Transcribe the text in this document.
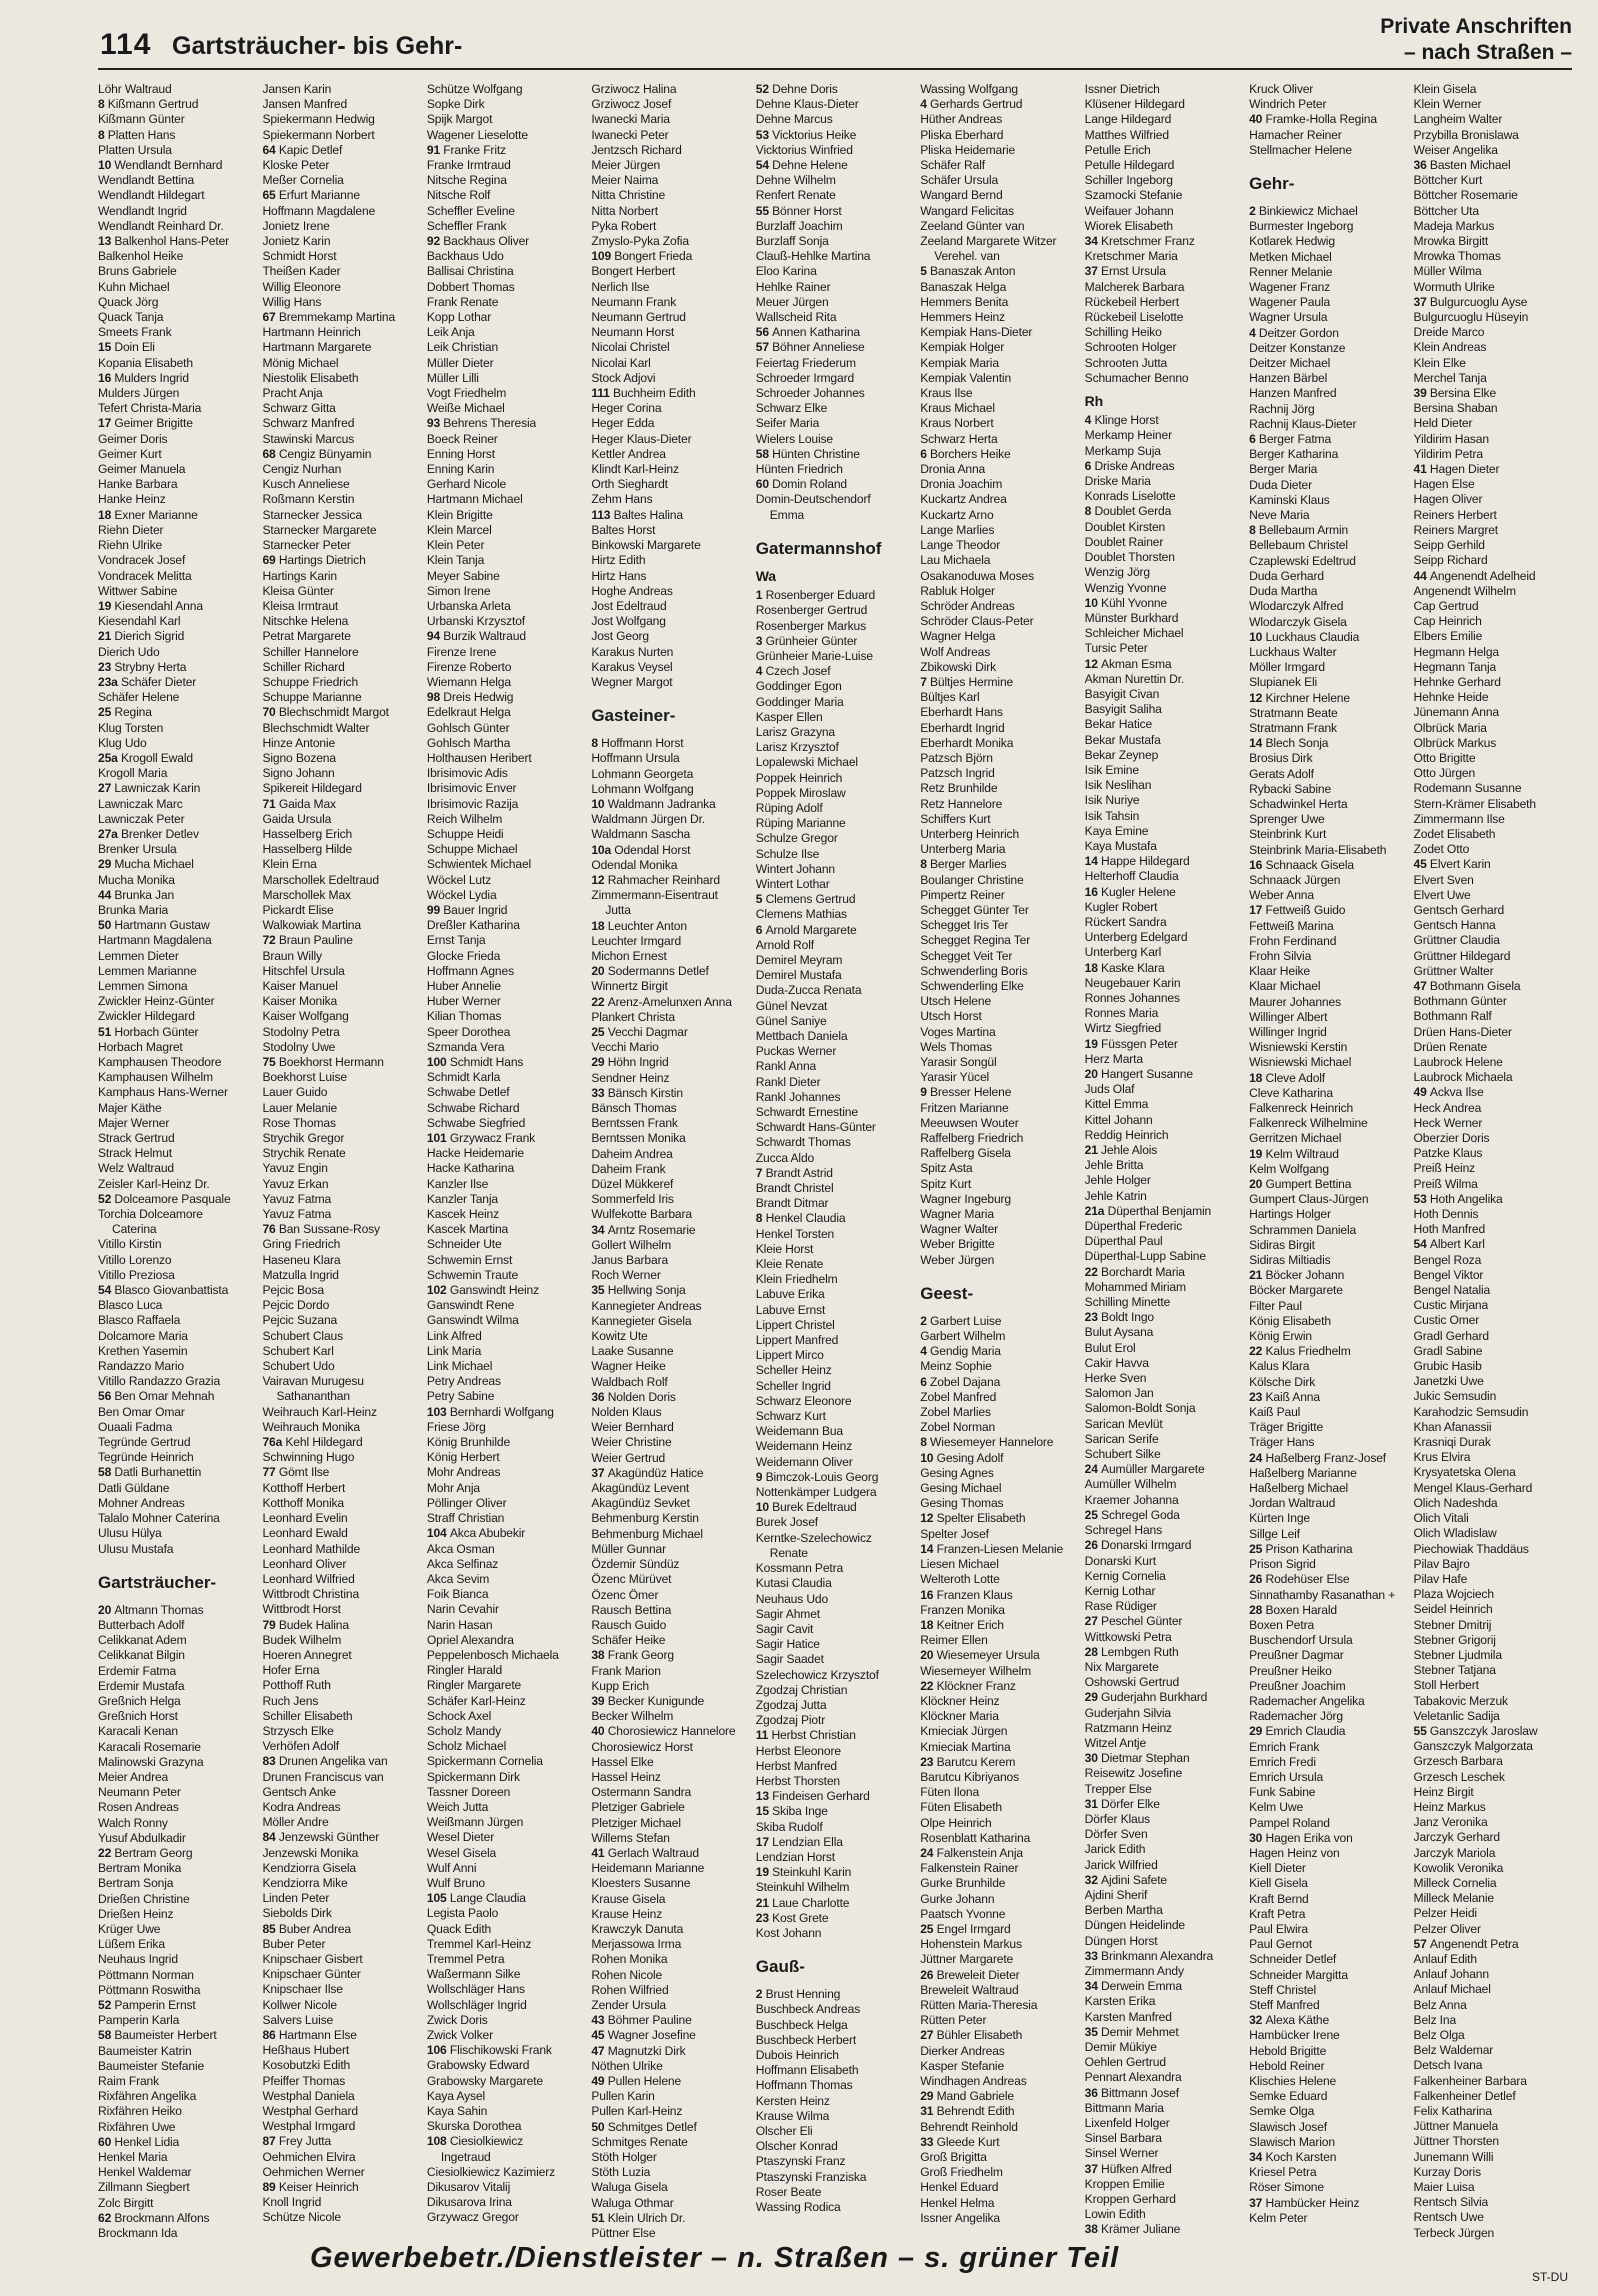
114 Gartsträucher- bis Gehr-
Private Anschriften
– nach Straßen –
Löhr Waltraud
8 Kißmann Gertrud
Kißmann Günter
8 Platten Hans
Platten Ursula
10 Wendlandt Bernhard
Wendlandt Bettina
Wendlandt Hildegart
Wendlandt Ingrid
Wendlandt Reinhard Dr.
13 Balkenhol Hans-Peter
Balkenhol Heike
Bruns Gabriele
Kuhn Michael
Quack Jörg
Quack Tanja
Smeets Frank
15 Doin Eli
Kopania Elisabeth
16 Mulders Ingrid
Mulders Jürgen
Tefert Christa-Maria
17 Geimer Brigitte
Geimer Doris
Geimer Kurt
Geimer Manuela
Hanke Barbara
Hanke Heinz
18 Exner Marianne
Riehn Dieter
Riehn Ulrike
Vondracek Josef
Vondracek Melitta
Wittwer Sabine
19 Kiesendahl Anna
Kiesendahl Karl
21 Dierich Sigrid
Dierich Udo
23 Strybny Herta
23a Schäfer Dieter
Schäfer Helene
25 Regina
Klug Torsten
Klug Udo
25a Krogoll Ewald
Krogoll Maria
27 Lawniczak Karin
Lawniczak Marc
Lawniczak Peter
27a Brenker Detlev
Brenker Ursula
29 Mucha Michael
Mucha Monika
44 Brunka Jan
Brunka Maria
50 Hartmann Gustaw
Hartmann Magdalena
Lemmen Dieter
Lemmen Marianne
Lemmen Simona
Zwickler Heinz-Günter
Zwickler Hildegard
51 Horbach Günter
Horbach Magret
Kamphausen Theodore
Kamphausen Wilhelm
Kamphaus Hans-Werner
Majer Käthe
Majer Werner
Strack Gertrud
Strack Helmut
Welz Waltraud
Zeisler Karl-Heinz Dr.
52 Dolceamore Pasquale
Torchia Dolceamore
Caterina
Vitillo Kirstin
Vitillo Lorenzo
Vitillo Preziosa
54 Blasco Giovanbattista
Blasco Luca
Blasco Raffaela
Dolcamore Maria
Krethen Yasemin
Randazzo Mario
Vitillo Randazzo Grazia
56 Ben Omar Mehnah
Ben Omar Omar
Ouaali Fadma
Tegründe Gertrud
Tegründe Heinrich
58 Datli Burhanettin
Datli Güldane
Mohner Andreas
Talalo Mohner Caterina
Ulusu Hülya
Ulusu Mustafa
Gartsträucher-
20 Altmann Thomas
Butterbach Adolf
Celikkanat Adem
Celikkanat Bilgin
Erdemir Fatma
Erdemir Mustafa
Greßnich Helga
Greßnich Horst
Karacali Kenan
Karacali Rosemarie
Malinowski Grazyna
Meier Andrea
Neumann Peter
Rosen Andreas
Walch Ronny
Yusuf Abdulkadir
22 Bertram Georg
Bertram Monika
Bertram Sonja
Drießen Christine
Drießen Heinz
Krüger Uwe
Lüßem Erika
Neuhaus Ingrid
Pöttmann Norman
Pöttmann Roswitha
52 Pamperin Ernst
Pamperin Karla
58 Baumeister Herbert
Baumeister Katrin
Baumeister Stefanie
Raim Frank
Rixfähren Angelika
Rixfähren Heiko
Rixfähren Uwe
60 Henkel Lidia
Henkel Maria
Henkel Waldemar
Zillmann Siegbert
Zolc Birgitt
62 Brockmann Alfons
Brockmann Ida
Jansen Karin
Jansen Manfred
Spiekermann Hedwig
Spiekermann Norbert
64 Kapic Detlef
Kloske Peter
Meßer Cornelia
65 Erfurt Marianne
Hoffmann Magdalene
Jonietz Irene
Jonietz Karin
Schmidt Horst
Theißen Kader
Willig Eleonore
Willig Hans
67 Bremmekamp Martina
Hartmann Heinrich
Hartmann Margarete
Mönig Michael
Niestolik Elisabeth
Pracht Anja
Schwarz Gitta
Schwarz Manfred
Stawinski Marcus
68 Cengiz Bünyamin
Cengiz Nurhan
Kusch Anneliese
Roßmann Kerstin
Starnecker Jessica
Starnecker Margarete
Starnecker Peter
69 Hartings Dietrich
Hartings Karin
Kleisa Günter
Kleisa Irmtraut
Nitschke Helena
Petrat Margarete
Schiller Hannelore
Schiller Richard
Schuppe Friedrich
Schuppe Marianne
70 Blechschmidt Margot
Blechschmidt Walter
Hinze Antonie
Signo Bozena
Signo Johann
Spikereit Hildegard
71 Gaida Max
Gaida Ursula
Hasselberg Erich
Hasselberg Hilde
Klein Erna
Marschollek Edeltraud
Marschollek Max
Pickardt Elise
Walkowiak Martina
72 Braun Pauline
Braun Willy
Hitschfel Ursula
Kaiser Manuel
Kaiser Monika
Kaiser Wolfgang
Stodolny Petra
Stodolny Uwe
75 Boekhorst Hermann
Boekhorst Luise
Lauer Guido
Lauer Melanie
Rose Thomas
Strychik Gregor
Strychik Renate
Yavuz Engin
Yavuz Erkan
Yavuz Fatma
Yavuz Fatma
76 Ban Sussane-Rosy
Gring Friedrich
Haseneu Klara
Matzulla Ingrid
Pejcic Bosa
Pejcic Dordo
Pejcic Suzana
Schubert Claus
Schubert Karl
Schubert Udo
Vairavan Murugesu
Sathananthan
Weihrauch Karl-Heinz
Weihrauch Monika
76a Kehl Hildegard
Schwinning Hugo
77 Gömt Ilse
Kotthoff Herbert
Kotthoff Monika
Leonhard Evelin
Leonhard Ewald
Leonhard Mathilde
Leonhard Oliver
Leonhard Wilfried
Wittbrodt Christina
Wittbrodt Horst
79 Budek Halina
Budek Wilhelm
Hoeren Annegret
Hofer Erna
Potthoff Ruth
Ruch Jens
Schiller Elisabeth
Strzysch Elke
Verhöfen Adolf
83 Drunen Angelika van
Drunen Franciscus van
Gentsch Anke
Kodra Andreas
Möller Andre
84 Jenzewski Günther
Jenzewski Monika
Kendziorra Gisela
Kendziorra Mike
Linden Peter
Siebolds Dirk
85 Buber Andrea
Buber Peter
Knipschaer Gisbert
Knipschaer Günter
Knipschaer Ilse
Kollwer Nicole
Salvers Luise
86 Hartmann Else
Heßhaus Hubert
Kosobutzki Edith
Pfeiffer Thomas
Westphal Daniela
Westphal Gerhard
Westphal Irmgard
87 Frey Jutta
Oehmichen Elvira
Oehmichen Werner
89 Keiser Heinrich
Knoll Ingrid
Schütze Nicole
Schütze Wolfgang
Sopke Dirk
Spijk Margot
Wagener Lieselotte
91 Franke Fritz
Franke Irmtraud
Nitsche Regina
Nitsche Rolf
Scheffler Eveline
Scheffler Frank
92 Backhaus Oliver
Backhaus Udo
Ballisai Christina
Dobbert Thomas
Frank Renate
Kopp Lothar
Leik Anja
Leik Christian
Müller Dieter
Müller Lilli
Vogt Friedhelm
Weiße Michael
93 Behrens Theresia
Boeck Reiner
Enning Horst
Enning Karin
Gerhard Nicole
Hartmann Michael
Klein Brigitte
Klein Marcel
Klein Peter
Klein Tanja
Meyer Sabine
Simon Irene
Urbanska Arleta
Urbanski Krzysztof
94 Burzik Waltraud
Firenze Irene
Firenze Roberto
Wiemann Helga
98 Dreis Hedwig
Edelkraut Helga
Gohlsch Günter
Gohlsch Martha
Holthausen Heribert
Ibrisimovic Adis
Ibrisimovic Enver
Ibrisimovic Razija
Reich Wilhelm
Schuppe Heidi
Schuppe Michael
Schwientek Michael
Wöckel Lutz
Wöckel Lydia
99 Bauer Ingrid
Dreßler Katharina
Ernst Tanja
Glocke Frieda
Hoffmann Agnes
Huber Annelie
Huber Werner
Kilian Thomas
Speer Dorothea
Szmanda Vera
100 Schmidt Hans
Schmidt Karla
Schwabe Detlef
Schwabe Richard
Schwabe Siegfried
101 Grzywacz Frank
Hacke Heidemarie
Hacke Katharina
Kanzler Ilse
Kanzler Tanja
Kascek Heinz
Kascek Martina
Schneider Ute
Schwemin Ernst
Schwemin Traute
102 Ganswindt Heinz
Ganswindt Rene
Ganswindt Wilma
Link Alfred
Link Maria
Link Michael
Petry Andreas
Petry Sabine
103 Bernhardi Wolfgang
Friese Jörg
König Brunhilde
König Herbert
Mohr Andreas
Mohr Anja
Pöllinger Oliver
Straff Christian
104 Akca Abubekir
Akca Osman
Akca Selfinaz
Akca Sevim
Foik Bianca
Narin Cevahir
Narin Hasan
Opriel Alexandra
Peppelenbosch Michaela
Ringler Harald
Ringler Margarete
Schäfer Karl-Heinz
Schock Axel
Scholz Mandy
Scholz Michael
Spickermann Cornelia
Spickermann Dirk
Tassner Doreen
Weich Jutta
Weißmann Jürgen
Wesel Dieter
Wesel Gisela
Wulf Anni
Wulf Bruno
105 Lange Claudia
Legista Paolo
Quack Edith
Tremmel Karl-Heinz
Tremmel Petra
Waßermann Silke
Wollschläger Hans
Wollschläger Ingrid
Zwick Doris
Zwick Volker
106 Flischikowski Frank
Grabowsky Edward
Grabowsky Margarete
Kaya Aysel
Kaya Sahin
Skurska Dorothea
108 Ciesiolkiewicz
Ingetraud
Ciesiolkiewicz Kazimierz
Dikusarov Vitalij
Dikusarova Irina
Grzywacz Gregor
Grziwocz Halina
Grziwocz Josef
Iwanecki Maria
Iwanecki Peter
Jentzsch Richard
Meier Jürgen
Meier Naima
Nitta Christine
Nitta Norbert
Pyka Robert
Zmyslo-Pyka Zofia
109 Bongert Frieda
Bongert Herbert
Nerlich Ilse
Neumann Frank
Neumann Gertrud
Neumann Horst
Nicolai Christel
Nicolai Karl
Stock Adjovi
111 Buchheim Edith
Heger Corina
Heger Edda
Heger Klaus-Dieter
Kettler Andrea
Klindt Karl-Heinz
Orth Sieghardt
Zehm Hans
113 Baltes Halina
Baltes Horst
Binkowski Margarete
Hirtz Edith
Hirtz Hans
Hoghe Andreas
Jost Edeltraud
Jost Wolfgang
Jost Georg
Karakus Nurten
Karakus Veysel
Wegner Margot
Gasteiner-
8 Hoffmann Horst
Hoffmann Ursula
Lohmann Georgeta
Lohmann Wolfgang
10 Waldmann Jadranka
Waldmann Jürgen Dr.
Waldmann Sascha
10a Odendal Horst
Odendal Monika
12 Rahmacher Reinhard
Zimmermann-Eisentraut
Jutta
18 Leuchter Anton
Leuchter Irmgard
Michon Ernest
20 Sodermanns Detlef
Winnertz Birgit
22 Arenz-Amelunxen Anna
Plankert Christa
25 Vecchi Dagmar
Vecchi Mario
29 Höhn Ingrid
Sendner Heinz
33 Bänsch Kirstin
Bänsch Thomas
Berntssen Frank
Berntssen Monika
Daheim Andrea
Daheim Frank
Düzel Mükkeref
Sommerfeld Iris
Wulfekotte Barbara
34 Arntz Rosemarie
Gollert Wilhelm
Janus Barbara
Roch Werner
35 Hellwing Sonja
Kannegieter Andreas
Kannegieter Gisela
Kowitz Ute
Laake Susanne
Wagner Heike
Waldbach Rolf
36 Nolden Doris
Nolden Klaus
Weier Bernhard
Weier Christine
Weier Gertrud
37 Akagündüz Hatice
Akagündüz Levent
Akagündüz Sevket
Behmenburg Kerstin
Behmenburg Michael
Müller Gunnar
Özdemir Sündüz
Özenc Mürüvet
Özenc Ömer
Rausch Bettina
Rausch Guido
Schäfer Heike
38 Frank Georg
Frank Marion
Kupp Erich
39 Becker Kunigunde
Becker Wilhelm
40 Chorosiewicz Hannelore
Chorosiewicz Horst
Hassel Elke
Hassel Heinz
Ostermann Sandra
Pletziger Gabriele
Pletziger Michael
Willems Stefan
41 Gerlach Waltraud
Heidemann Marianne
Kloesters Susanne
Krause Gisela
Krause Heinz
Krawczyk Danuta
Merjassowa Irma
Rohen Monika
Rohen Nicole
Rohen Wilfried
Zender Ursula
43 Böhmer Pauline
45 Wagner Josefine
47 Magnutzki Dirk
Nöthen Ulrike
49 Pullen Helene
Pullen Karin
Pullen Karl-Heinz
50 Schmitges Detlef
Schmitges Renate
Stöth Holger
Stöth Luzia
Waluga Gisela
Waluga Othmar
51 Klein Ulrich Dr.
Püttner Else
52 Dehne Doris
Dehne Klaus-Dieter
Dehne Marcus
53 Vicktorius Heike
Vicktorius Winfried
54 Dehne Helene
Dehne Wilhelm
Renfert Renate
55 Bönner Horst
Burzlaff Joachim
Burzlaff Sonja
Clauß-Hehlke Martina
Eloo Karina
Hehlke Rainer
Meuer Jürgen
Wallscheid Rita
56 Annen Katharina
57 Böhner Anneliese
Feiertag Friederum
Schroeder Irmgard
Schroeder Johannes
Schwarz Elke
Seifer Maria
Wielers Louise
58 Hünten Christine
Hünten Friedrich
60 Domin Roland
Domin-Deutschendorf
Emma
Gatermannshof
Wa
1 Rosenberger Eduard
Rosenberger Gertrud
Rosenberger Markus
3 Grünheier Günter
Grünheier Marie-Luise
4 Czech Josef
Goddinger Egon
Goddinger Maria
Kasper Ellen
Larisz Grazyna
Larisz Krzysztof
Lopalewski Michael
Poppek Heinrich
Poppek Miroslaw
Rüping Adolf
Rüping Marianne
Schulze Gregor
Schulze Ilse
Wintert Johann
Wintert Lothar
5 Clemens Gertrud
Clemens Mathias
6 Arnold Margarete
Arnold Rolf
Demirel Meyram
Demirel Mustafa
Duda-Zucca Renata
Günel Nevzat
Günel Saniye
Mettbach Daniela
Puckas Werner
Rankl Anna
Rankl Dieter
Rankl Johannes
Schwardt Ernestine
Schwardt Hans-Günter
Schwardt Thomas
Zucca Aldo
7 Brandt Astrid
Brandt Christel
Brandt Ditmar
8 Henkel Claudia
Henkel Torsten
Kleie Horst
Kleie Renate
Klein Friedhelm
Labuve Erika
Labuve Ernst
Lippert Christel
Lippert Manfred
Lippert Mirco
Scheller Heinz
Scheller Ingrid
Schwarz Eleonore
Schwarz Kurt
Weidemann Bua
Weidemann Heinz
Weidemann Oliver
9 Bimczok-Louis Georg
Nottenkämper Ludgera
10 Burek Edeltraud
Burek Josef
Kerntke-Szelechowicz
Renate
Kossmann Petra
Kutasi Claudia
Neuhaus Udo
Sagir Ahmet
Sagir Cavit
Sagir Hatice
Sagir Saadet
Szelechowicz Krzysztof
Zgodzaj Christian
Zgodzaj Jutta
Zgodzaj Piotr
11 Herbst Christian
Herbst Eleonore
Herbst Manfred
Herbst Thorsten
13 Findeisen Gerhard
15 Skiba Inge
Skiba Rudolf
17 Lendzian Ella
Lendzian Horst
19 Steinkuhl Karin
Steinkuhl Wilhelm
21 Laue Charlotte
23 Kost Grete
Kost Johann
Gauß-
2 Brust Henning
Buschbeck Andreas
Buschbeck Helga
Buschbeck Herbert
Dubois Heinrich
Hoffmann Elisabeth
Hoffmann Thomas
Kersten Heinz
Krause Wilma
Olscher Eli
Olscher Konrad
Ptaszynski Franz
Ptaszynski Franziska
Roser Beate
Wassing Rodica
Wassing Wolfgang
4 Gerhards Gertrud
Hüther Andreas
Pliska Eberhard
Pliska Heidemarie
Schäfer Ralf
Schäfer Ursula
Wangard Bernd
Wangard Felicitas
Zeeland Günter van
Zeeland Margarete Witzer
Verehel. van
5 Banaszak Anton
Banaszak Helga
Hemmers Benita
Hemmers Heinz
Kempiak Hans-Dieter
Kempiak Holger
Kempiak Maria
Kempiak Valentin
Kraus Ilse
Kraus Michael
Kraus Norbert
Schwarz Herta
6 Borchers Heike
Dronia Anna
Dronia Joachim
Kuckartz Andrea
Kuckartz Arno
Lange Marlies
Lange Theodor
Lau Michaela
Osakanoduwa Moses
Rabluk Holger
Schröder Andreas
Schröder Claus-Peter
Wagner Helga
Wolf Andreas
Zbikowski Dirk
7 Bültjes Hermine
Bültjes Karl
Eberhardt Hans
Eberhardt Ingrid
Eberhardt Monika
Patzsch Björn
Patzsch Ingrid
Retz Brunhilde
Retz Hannelore
Schiffers Kurt
Unterberg Heinrich
Unterberg Maria
8 Berger Marlies
Boulanger Christine
Pimpertz Reiner
Schegget Günter Ter
Schegget Iris Ter
Schegget Regina Ter
Schegget Veit Ter
Schwenderling Boris
Schwenderling Elke
Utsch Helene
Utsch Horst
Voges Martina
Wels Thomas
Yarasir Songül
Yarasir Yücel
9 Bresser Helene
Fritzen Marianne
Meeuwsen Wouter
Raffelberg Friedrich
Raffelberg Gisela
Spitz Asta
Spitz Kurt
Wagner Ingeburg
Wagner Maria
Wagner Walter
Weber Brigitte
Weber Jürgen
Geest-
2 Garbert Luise
Garbert Wilhelm
4 Gendig Maria
Meinz Sophie
6 Zobel Dajana
Zobel Manfred
Zobel Marlies
Zobel Norman
8 Wiesemeyer Hannelore
10 Gesing Adolf
Gesing Agnes
Gesing Michael
Gesing Thomas
12 Spelter Elisabeth
Spelter Josef
14 Franzen-Liesen Melanie
Liesen Michael
Welteroth Lotte
16 Franzen Klaus
Franzen Monika
18 Keitner Erich
Reimer Ellen
20 Wiesemeyer Ursula
Wiesemeyer Wilhelm
22 Klöckner Franz
Klöckner Heinz
Klöckner Maria
Kmieciak Jürgen
Kmieciak Martina
23 Barutcu Kerem
Barutcu Kibriyanos
Füten Ilona
Füten Elisabeth
Olpe Heinrich
Rosenblatt Katharina
24 Falkenstein Anja
Falkenstein Rainer
Gurke Brunhilde
Gurke Johann
Paatsch Yvonne
25 Engel Irmgard
Hohenstein Markus
Jüttner Margarete
26 Breweleit Dieter
Breweleit Waltraud
Rütten Maria-Theresia
Rütten Peter
27 Bühler Elisabeth
Dierker Andreas
Kasper Stefanie
Windhagen Andreas
29 Mand Gabriele
31 Behrendt Edith
Behrendt Reinhold
33 Gleede Kurt
Groß Brigitta
Groß Friedhelm
Henkel Eduard
Henkel Helma
Issner Angelika
Issner Dietrich
Klüsener Hildegard
Lange Hildegard
Matthes Wilfried
Petulle Erich
Petulle Hildegard
Schiller Ingeborg
Szamocki Stefanie
Weifauer Johann
Wiorek Elisabeth
34 Kretschmer Franz
Kretschmer Maria
37 Ernst Ursula
Malcherek Barbara
Rückebeil Herbert
Rückebeil Liselotte
Schilling Heiko
Schrooten Holger
Schrooten Jutta
Schumacher Benno
Rh
4 Klinge Horst
Merkamp Heiner
Merkamp Suja
6 Driske Andreas
Driske Maria
Konrads Liselotte
8 Doublet Gerda
Doublet Kirsten
Doublet Rainer
Doublet Thorsten
Wenzig Jörg
Wenzig Yvonne
10 Kühl Yvonne
Münster Burkhard
Schleicher Michael
Tursic Peter
12 Akman Esma
Akman Nurettin Dr.
Basyigit Civan
Basyigit Saliha
Bekar Hatice
Bekar Mustafa
Bekar Zeynep
Isik Emine
Isik Neslihan
Isik Nuriye
Isik Tahsin
Kaya Emine
Kaya Mustafa
14 Happe Hildegard
Helterhoff Claudia
16 Kugler Helene
Kugler Robert
Rückert Sandra
Unterberg Edelgard
Unterberg Karl
18 Kaske Klara
Neugebauer Karin
Ronnes Johannes
Ronnes Maria
Wirtz Siegfried
19 Füssgen Peter
Herz Marta
20 Hangert Susanne
Juds Olaf
Kittel Emma
Kittel Johann
Reddig Heinrich
21 Jehle Alois
Jehle Britta
Jehle Holger
Jehle Katrin
21a Düperthal Benjamin
Düperthal Frederic
Düperthal Paul
Düperthal-Lupp Sabine
22 Borchardt Maria
Mohammed Miriam
Schilling Minette
23 Boldt Ingo
Bulut Aysana
Bulut Erol
Cakir Havva
Herke Sven
Salomon Jan
Salomon-Boldt Sonja
Sarican Mevlüt
Sarican Serife
Schubert Silke
24 Aumüller Margarete
Aumüller Wilhelm
Kraemer Johanna
25 Schregel Goda
Schregel Hans
26 Donarski Irmgard
Donarski Kurt
Kernig Cornelia
Kernig Lothar
Rase Rüdiger
27 Peschel Günter
Wittkowski Petra
28 Lembgen Ruth
Nix Margarete
Oshowski Gertrud
29 Guderjahn Burkhard
Guderjahn Silvia
Ratzmann Heinz
Witzel Antje
30 Dietmar Stephan
Reisewitz Josefine
Trepper Else
31 Dörfer Elke
Dörfer Klaus
Dörfer Sven
Jarick Edith
Jarick Wilfried
32 Ajdini Safete
Ajdini Sherif
Berben Martha
Düngen Heidelinde
Düngen Horst
33 Brinkmann Alexandra
Zimmermann Andy
34 Derwein Emma
Karsten Erika
Karsten Manfred
35 Demir Mehmet
Demir Mükiye
Oehlen Gertrud
Pennart Alexandra
36 Bittmann Josef
Bittmann Maria
Lixenfeld Holger
Sinsel Barbara
Sinsel Werner
37 Hüfken Alfred
Kroppen Emilie
Kroppen Gerhard
Lowin Edith
38 Krämer Juliane
Kruck Oliver
Windrich Peter
40 Framke-Holla Regina
Hamacher Reiner
Stellmacher Helene
Gehr-
2 Binkiewicz Michael
Burmester Ingeborg
Kotlarek Hedwig
Metken Michael
Renner Melanie
Wagener Franz
Wagener Paula
Wagner Ursula
4 Deitzer Gordon
Deitzer Konstanze
Deitzer Michael
Hanzen Bärbel
Hanzen Manfred
Rachnij Jörg
Rachnij Klaus-Dieter
6 Berger Fatma
Berger Katharina
Berger Maria
Duda Dieter
Kaminski Klaus
Neve Maria
8 Bellebaum Armin
Bellebaum Christel
Czaplewski Edeltrud
Duda Gerhard
Duda Martha
Wlodarczyk Alfred
Wlodarczyk Gisela
10 Luckhaus Claudia
Luckhaus Walter
Möller Irmgard
Slupianek Eli
12 Kirchner Helene
Stratmann Beate
Stratmann Frank
14 Blech Sonja
Brosius Dirk
Gerats Adolf
Rybacki Sabine
Schadwinkel Herta
Sprenger Uwe
Steinbrink Kurt
Steinbrink Maria-Elisabeth
16 Schnaack Gisela
Schnaack Jürgen
Weber Anna
17 Fettweiß Guido
Fettweiß Marina
Frohn Ferdinand
Frohn Silvia
Klaar Heike
Klaar Michael
Maurer Johannes
Willinger Albert
Willinger Ingrid
Wisniewski Kerstin
Wisniewski Michael
18 Cleve Adolf
Cleve Katharina
Falkenreck Heinrich
Falkenreck Wilhelmine
Gerritzen Michael
19 Kelm Wiltraud
Kelm Wolfgang
20 Gumpert Bettina
Gumpert Claus-Jürgen
Hartings Holger
Schrammen Daniela
Sidiras Birgit
Sidiras Miltiadis
21 Böcker Johann
Böcker Margarete
Filter Paul
König Elisabeth
König Erwin
22 Kalus Friedhelm
Kalus Klara
Kölsche Dirk
23 Kaiß Anna
Kaiß Paul
Träger Brigitte
Träger Hans
24 Haßelberg Franz-Josef
Haßelberg Marianne
Haßelberg Michael
Jordan Waltraud
Kürten Inge
Sillge Leif
25 Prison Katharina
Prison Sigrid
26 Rodehüser Else
Sinnathamby Rasanathan +
28 Boxen Harald
Boxen Petra
Buschendorf Ursula
Preußner Dagmar
Preußner Heiko
Preußner Joachim
Rademacher Angelika
Rademacher Jörg
29 Emrich Claudia
Emrich Frank
Emrich Fredi
Emrich Ursula
Funk Sabine
Kelm Uwe
Pampel Roland
30 Hagen Erika von
Hagen Heinz von
Kiell Dieter
Kiell Gisela
Kraft Bernd
Kraft Petra
Paul Elwira
Paul Gernot
Schneider Detlef
Schneider Margitta
Steff Christel
Steff Manfred
32 Alexa Käthe
Hambücker Irene
Hebold Brigitte
Hebold Reiner
Klischies Helene
Semke Eduard
Semke Olga
Slawisch Josef
Slawisch Marion
34 Koch Karsten
Kriesel Petra
Röser Simone
37 Hambücker Heinz
Kelm Peter
Klein Gisela
Klein Werner
Langheim Walter
Przybilla Bronislawa
Weiser Angelika
36 Basten Michael
Böttcher Kurt
Böttcher Rosemarie
Böttcher Uta
Madeja Markus
Mrowka Birgitt
Mrowka Thomas
Müller Wilma
Wormuth Ulrike
37 Bulgurcuoglu Ayse
Bulgurcuoglu Hüseyin
Dreide Marco
Klein Andreas
Klein Elke
Merchel Tanja
39 Bersina Elke
Bersina Shaban
Held Dieter
Yildirim Hasan
Yildirim Petra
41 Hagen Dieter
Hagen Else
Hagen Oliver
Reiners Herbert
Reiners Margret
Seipp Gerhild
Seipp Richard
44 Angenendt Adelheid
Angenendt Wilhelm
Cap Gertrud
Cap Heinrich
Elbers Emilie
Hegmann Helga
Hegmann Tanja
Hehnke Gerhard
Hehnke Heide
Jünemann Anna
Olbrück Maria
Olbrück Markus
Otto Brigitte
Otto Jürgen
Rodemann Susanne
Stern-Krämer Elisabeth
Zimmermann Ilse
Zodet Elisabeth
Zodet Otto
45 Elvert Karin
Elvert Sven
Elvert Uwe
Gentsch Gerhard
Gentsch Hanna
Grüttner Claudia
Grüttner Hildegard
Grüttner Walter
47 Bothmann Gisela
Bothmann Günter
Bothmann Ralf
Drüen Hans-Dieter
Drüen Renate
Laubrock Helene
Laubrock Michaela
49 Ackva Ilse
Heck Andrea
Heck Werner
Oberzier Doris
Patzke Klaus
Preiß Heinz
Preiß Wilma
53 Hoth Angelika
Hoth Dennis
Hoth Manfred
54 Albert Karl
Bengel Roza
Bengel Viktor
Bengel Natalia
Custic Mirjana
Custic Omer
Gradl Gerhard
Gradl Sabine
Grubic Hasib
Janetzki Uwe
Jukic Semsudin
Karahodzic Semsudin
Khan Afanassii
Krasniqi Durak
Krus Elvira
Krysyatetska Olena
Mengel Klaus-Gerhard
Olich Nadeshda
Olich Vitali
Olich Wladislaw
Piechowiak Thaddäus
Pilav Bajro
Pilav Hafe
Plaza Wojciech
Seidel Heinrich
Stebner Dmitrij
Stebner Grigorij
Stebner Ljudmila
Stebner Tatjana
Stoll Herbert
Tabakovic Merzuk
Veletanlic Sadija
55 Ganszczyk Jaroslaw
Ganszczyk Malgorzata
Grzesch Barbara
Grzesch Leschek
Heinz Birgit
Heinz Markus
Janz Veronika
Jarczyk Gerhard
Jarczyk Mariola
Kowolik Veronika
Milleck Cornelia
Milleck Melanie
Pelzer Heidi
Pelzer Oliver
57 Angenendt Petra
Anlauf Edith
Anlauf Johann
Anlauf Michael
Belz Anna
Belz Ina
Belz Olga
Belz Waldemar
Detsch Ivana
Falkenheiner Barbara
Falkenheiner Detlef
Felix Katharina
Jüttner Manuela
Jüttner Thorsten
Junemann Willi
Kurzay Doris
Maier Luisa
Rentsch Silvia
Rentsch Uwe
Terbeck Jürgen
Gewerbebetr./Dienstleister – n. Straßen – s. grüner Teil
ST-DU
